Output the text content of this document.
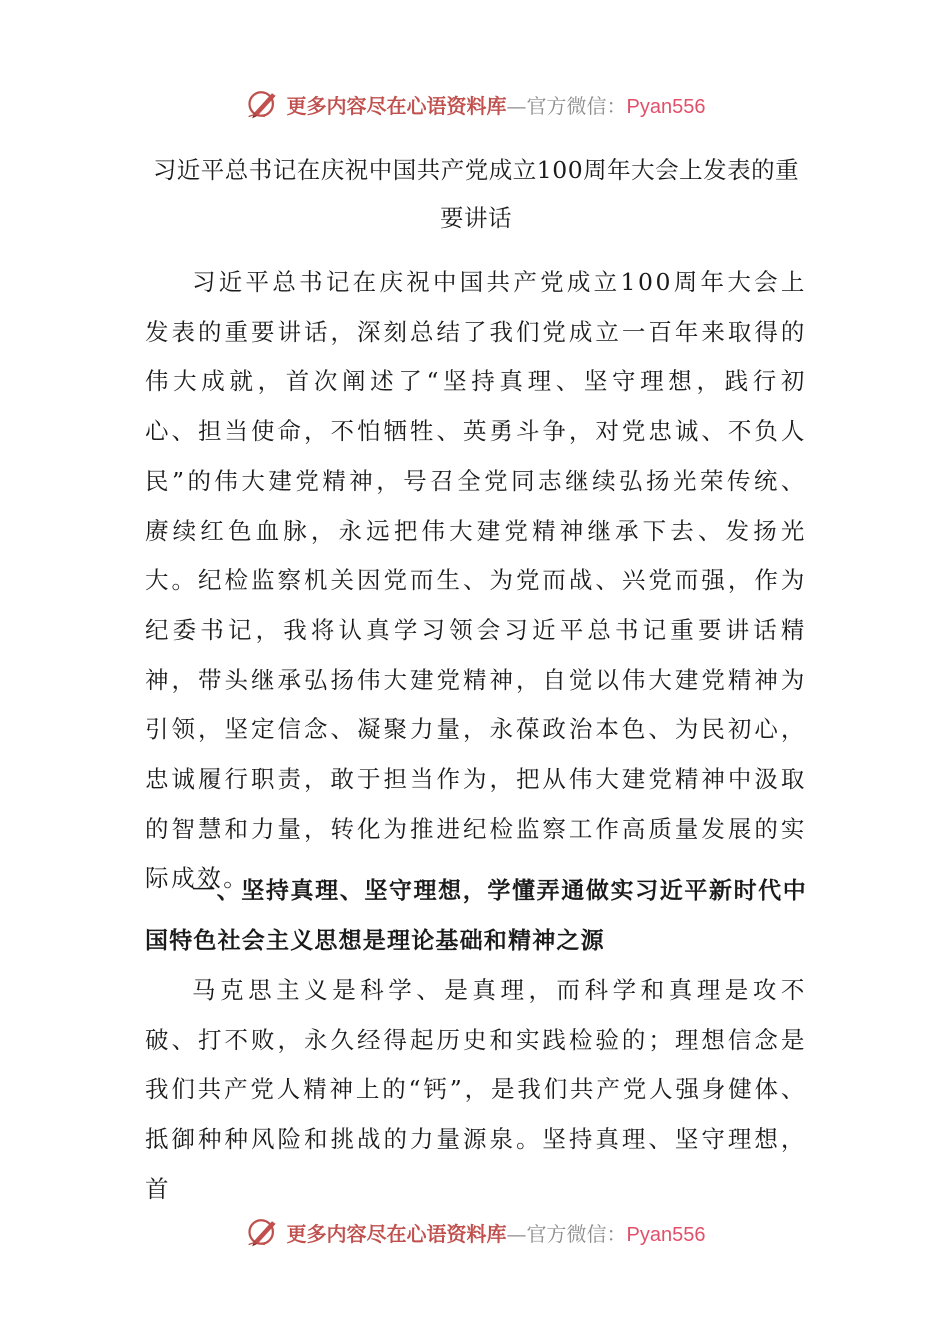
更多内容尽在心语资料库—官方微信：Pyan556
习近平总书记在庆祝中国共产党成立100周年大会上发表的重要讲话
习近平总书记在庆祝中国共产党成立100周年大会上发表的重要讲话，深刻总结了我们党成立一百年来取得的伟大成就，首次阐述了“坚持真理、坚守理想，践行初心、担当使命，不怕牺牲、英勇斗争，对党忠诚、不负人民”的伟大建党精神，号召全党同志继续弘扬光荣传统、赓续红色血脉，永远把伟大建党精神继承下去、发扬光大。纪检监察机关因党而生、为党而战、兴党而强，作为纪委书记，我将认真学习领会习近平总书记重要讲话精神，带头继承弘扬伟大建党精神，自觉以伟大建党精神为引领，坚定信念、凝聚力量，永葆政治本色、为民初心，忠诚履行职责，敢于担当作为，把从伟大建党精神中汲取的智慧和力量，转化为推进纪检监察工作高质量发展的实际成效。
一、坚持真理、坚守理想，学懂弄通做实习近平新时代中国特色社会主义思想是理论基础和精神之源
马克思主义是科学、是真理，而科学和真理是攻不破、打不败，永久经得起历史和实践检验的；理想信念是我们共产党人精神上的“钙”，是我们共产党人强身健体、抵御种种风险和挑战的力量源泉。坚持真理、坚守理想，首
更多内容尽在心语资料库—官方微信：Pyan556
